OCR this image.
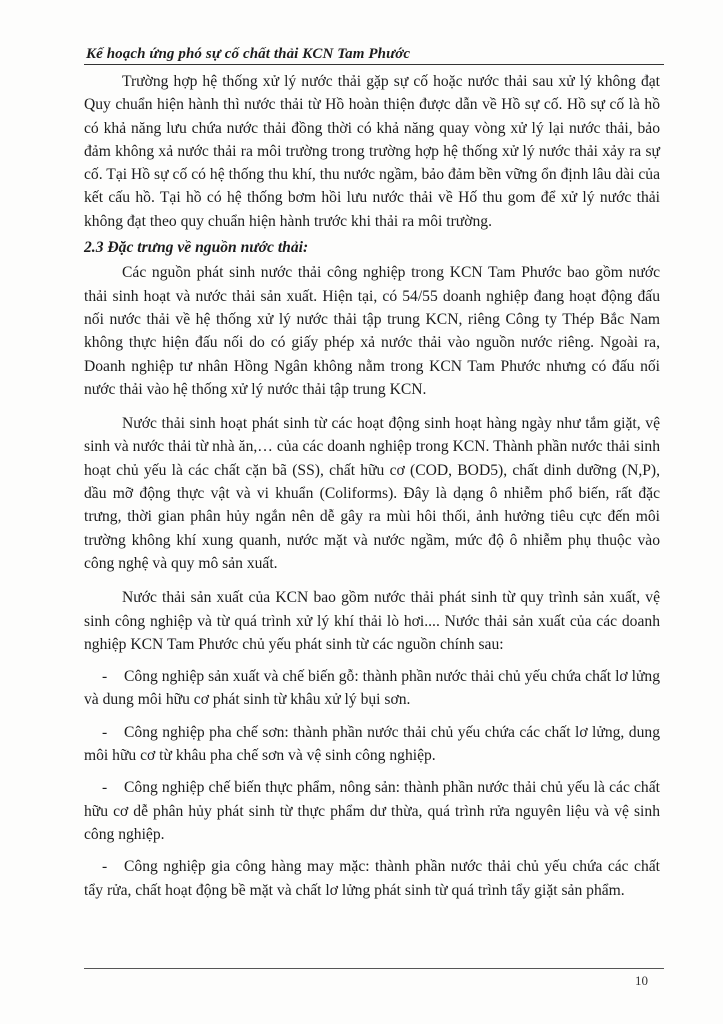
Kế hoạch ứng phó sự cố chất thải KCN Tam Phước

Trường hợp hệ thống xử lý nước thải gặp sự cố hoặc nước thải sau xử lý không đạt Quy chuẩn hiện hành thì nước thải từ Hồ hoàn thiện được dẫn về Hồ sự cố. Hồ sự cố là hồ có khả năng lưu chứa nước thải đồng thời có khả năng quay vòng xử lý lại nước thải, bảo đảm không xả nước thải ra môi trường trong trường hợp hệ thống xử lý nước thải xảy ra sự cố. Tại Hồ sự cố có hệ thống thu khí, thu nước ngầm, bảo đảm bền vững ổn định lâu dài của kết cấu hồ. Tại hồ có hệ thống bơm hồi lưu nước thải về Hố thu gom để xử lý nước thải không đạt theo quy chuẩn hiện hành trước khi thải ra môi trường.

2.3 Đặc trưng về nguồn nước thải:

Các nguồn phát sinh nước thải công nghiệp trong KCN Tam Phước bao gồm nước thải sinh hoạt và nước thải sản xuất. Hiện tại, có 54/55 doanh nghiệp đang hoạt động đấu nối nước thải về hệ thống xử lý nước thải tập trung KCN, riêng Công ty Thép Bắc Nam không thực hiện đấu nối do có giấy phép xả nước thải vào nguồn nước riêng. Ngoài ra, Doanh nghiệp tư nhân Hồng Ngân không nằm trong KCN Tam Phước nhưng có đấu nối nước thải vào hệ thống xử lý nước thải tập trung KCN.

Nước thải sinh hoạt phát sinh từ các hoạt động sinh hoạt hàng ngày như tắm giặt, vệ sinh và nước thải từ nhà ăn,… của các doanh nghiệp trong KCN. Thành phần nước thải sinh hoạt chủ yếu là các chất cặn bã (SS), chất hữu cơ (COD, BOD5), chất dinh dưỡng (N,P), dầu mỡ động thực vật và vi khuẩn (Coliforms). Đây là dạng ô nhiễm phổ biến, rất đặc trưng, thời gian phân hủy ngắn nên dễ gây ra mùi hôi thối, ảnh hưởng tiêu cực đến môi trường không khí xung quanh, nước mặt và nước ngầm, mức độ ô nhiễm phụ thuộc vào công nghệ và quy mô sản xuất.

Nước thải sản xuất của KCN bao gồm nước thải phát sinh từ quy trình sản xuất, vệ sinh công nghiệp và từ quá trình xử lý khí thải lò hơi.... Nước thải sản xuất của các doanh nghiệp KCN Tam Phước chủ yếu phát sinh từ các nguồn chính sau:

- Công nghiệp sản xuất và chế biến gỗ: thành phần nước thải chủ yếu chứa chất lơ lửng và dung môi hữu cơ phát sinh từ khâu xử lý bụi sơn.

- Công nghiệp pha chế sơn: thành phần nước thải chủ yếu chứa các chất lơ lửng, dung môi hữu cơ từ khâu pha chế sơn và vệ sinh công nghiệp.

- Công nghiệp chế biến thực phẩm, nông sản: thành phần nước thải chủ yếu là các chất hữu cơ dễ phân hủy phát sinh từ thực phẩm dư thừa, quá trình rửa nguyên liệu và vệ sinh công nghiệp.

- Công nghiệp gia công hàng may mặc: thành phần nước thải chủ yếu chứa các chất tẩy rửa, chất hoạt động bề mặt và chất lơ lửng phát sinh từ quá trình tẩy giặt sản phẩm.

10
